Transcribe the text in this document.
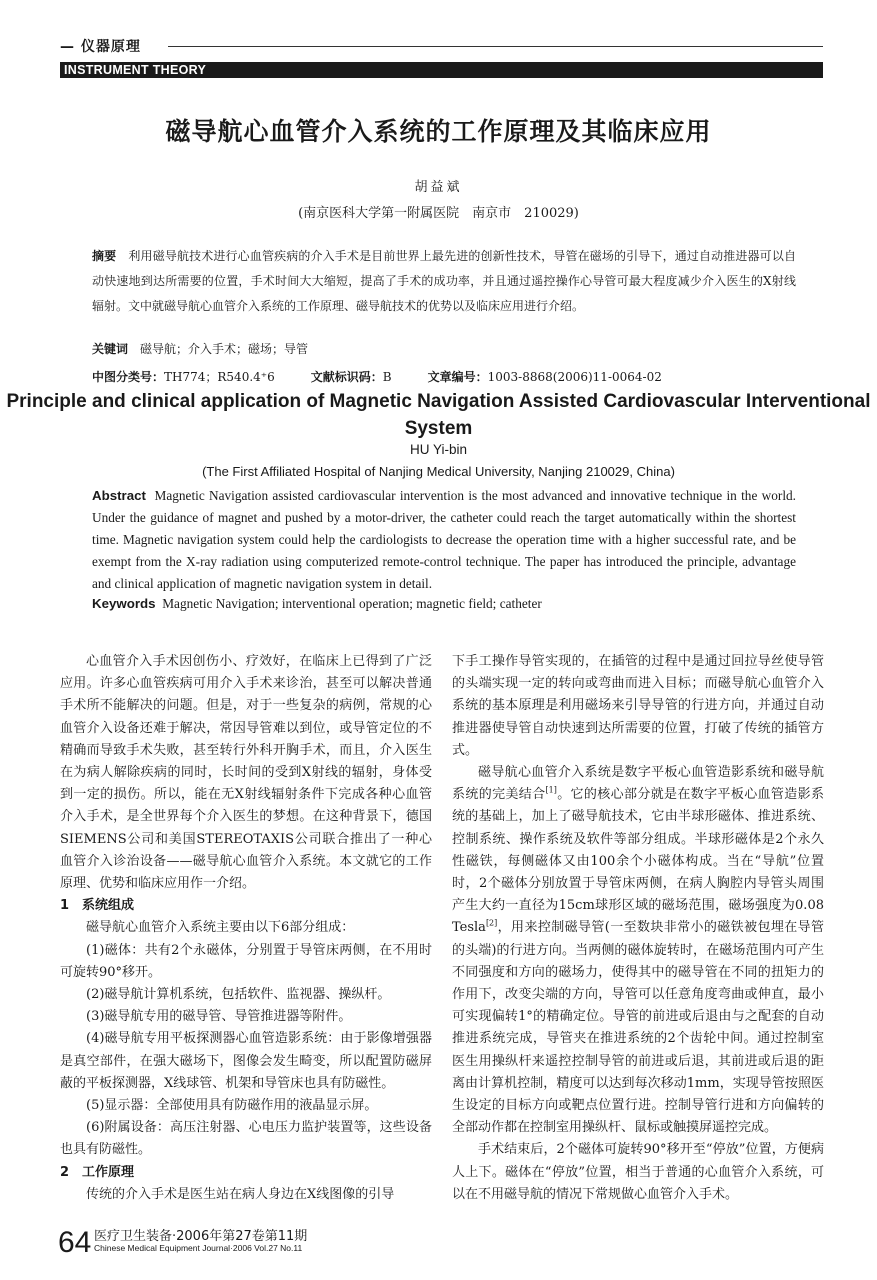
— 仪器原理
INSTRUMENT THEORY
磁导航心血管介入系统的工作原理及其临床应用
胡益斌
(南京医科大学第一附属医院　南京市　210029)
摘要　 利用磁导航技术进行心血管疾病的介入手术是目前世界上最先进的创新性技术，导管在磁场的引导下，通过自动推进器可以自动快速地到达所需要的位置，手术时间大大缩短，提高了手术的成功率，并且通过遥控操作心导管可最大程度减少介入医生的X射线辐射。文中就磁导航心血管介入系统的工作原理、磁导航技术的优势以及临床应用进行介绍。
关键词　 磁导航；介入手术；磁场；导管
中图分类号：TH774；R540.4⁺6　　　	文献标识码：B　　　	文章编号：1003-8868(2006)11-0064-02
Principle and clinical application of Magnetic Navigation Assisted Cardiovascular Interventional System
HU Yi-bin
(The First Affiliated Hospital of Nanjing Medical University, Nanjing 210029, China)
Abstract Magnetic Navigation assisted cardiovascular intervention is the most advanced and innovative technique in the world. Under the guidance of magnet and pushed by a motor-driver, the catheter could reach the target automatically within the shortest time. Magnetic navigation system could help the cardiologists to decrease the operation time with a higher successful rate, and be exempt from the X-ray radiation using computerized remote-control technique. The paper has introduced the principle, advantage and clinical application of magnetic navigation system in detail.
Keywords Magnetic Navigation; interventional operation; magnetic field; catheter

心血管介入手术因创伤小、疗效好，在临床上已得到了广泛应用。许多心血管疾病可用介入手术来诊治，甚至可以解决普通手术所不能解决的问题。但是，对于一些复杂的病例，常规的心血管介入设备还难于解决，常因导管难以到位，或导管定位的不精确而导致手术失败，甚至转行外科开胸手术，而且，介入医生在为病人解除疾病的同时，长时间的受到X射线的辐射，身体受到一定的损伤。所以，能在无X射线辐射条件下完成各种心血管介入手术，是全世界每个介入医生的梦想。在这种背景下，德国SIEMENS公司和美国STEREOTAXIS公司联合推出了一种心血管介入诊治设备——磁导航心血管介入系统。本文就它的工作原理、优势和临床应用作一介绍。

1　系统组成

磁导航心血管介入系统主要由以下6部分组成：

(1)磁体：共有2个永磁体，分别置于导管床两侧，在不用时可旋转90°移开。

(2)磁导航计算机系统，包括软件、监视器、操纵杆。

(3)磁导航专用的磁导管、导管推进器等附件。

(4)磁导航专用平板探测器心血管造影系统：由于影像增强器是真空部件，在强大磁场下，图像会发生畸变，所以配置防磁屏蔽的平板探测器，X线球管、机架和导管床也具有防磁性。

(5)显示器：全部使用具有防磁作用的液晶显示屏。

(6)附属设备：高压注射器、心电压力监护装置等，这些设备也具有防磁性。

2　工作原理

传统的介入手术是医生站在病人身边在X线图像的引导

下手工操作导管实现的，在插管的过程中是通过回拉导丝使导管的头端实现一定的转向或弯曲而进入目标；而磁导航心血管介入系统的基本原理是利用磁场来引导导管的行进方向，并通过自动推进器使导管自动快速到达所需要的位置，打破了传统的插管方式。

磁导航心血管介入系统是数字平板心血管造影系统和磁导航系统的完美结合[1]。它的核心部分就是在数字平板心血管造影系统的基础上，加上了磁导航技术，它由半球形磁体、推进系统、控制系统、操作系统及软件等部分组成。半球形磁体是2个永久性磁铁，每侧磁体又由100余个小磁体构成。当在“导航”位置时，2个磁体分别放置于导管床两侧，在病人胸腔内导管头周围产生大约一直径为15cm球形区域的磁场范围，磁场强度为0.08 Tesla[2]，用来控制磁导管(一至数块非常小的磁铁被包埋在导管的头端)的行进方向。当两侧的磁体旋转时，在磁场范围内可产生不同强度和方向的磁场力，使得其中的磁导管在不同的扭矩力的作用下，改变尖端的方向，导管可以任意角度弯曲或伸直，最小可实现偏转1°的精确定位。导管的前进或后退由与之配套的自动推进系统完成，导管夹在推进系统的2个齿轮中间。通过控制室医生用操纵杆来遥控控制导管的前进或后退，其前进或后退的距离由计算机控制，精度可以达到每次移动1mm，实现导管按照医生设定的目标方向或靶点位置行进。控制导管行进和方向偏转的全部动作都在控制室用操纵杆、鼠标或触摸屏遥控完成。

手术结束后，2个磁体可旋转90°移开至“停放”位置，方便病人上下。磁体在“停放”位置，相当于普通的心血管介入系统，可以在不用磁导航的情况下常规做心血管介入手术。

64 医疗卫生装备·2006年第27卷第11期
Chinese Medical Equipment Journal·2006 Vol.27 No.11
